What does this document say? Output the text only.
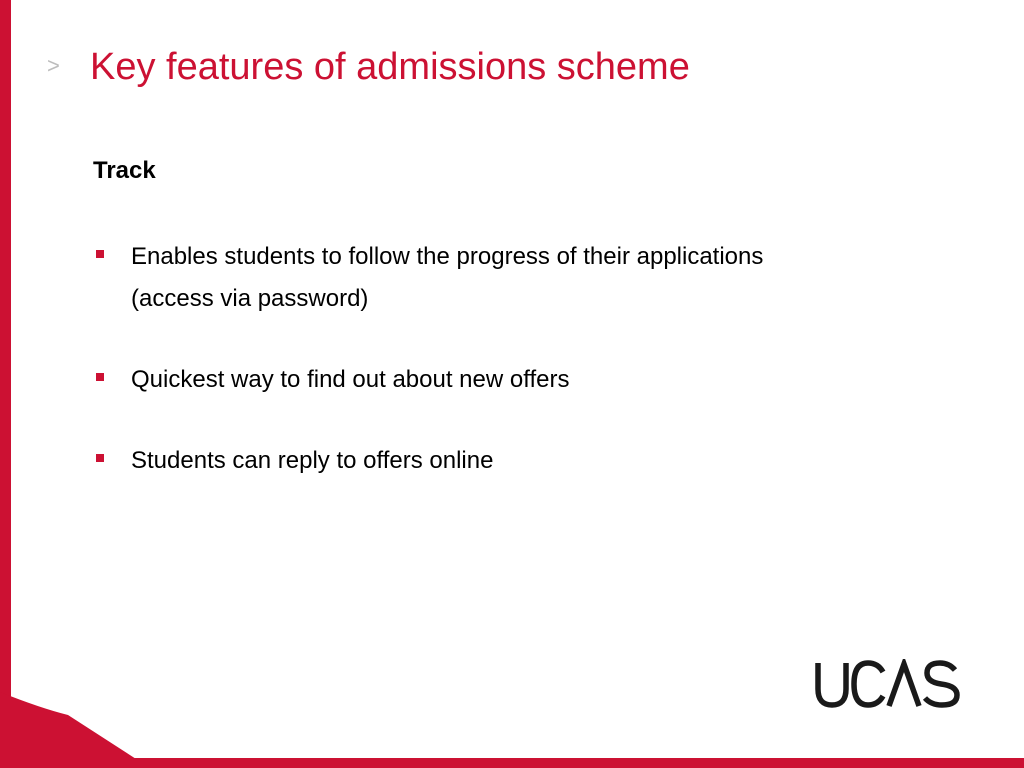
> Key features of admissions scheme
Track
Enables students to follow the progress of their applications (access via password)
Quickest way to find out about new offers
Students can reply to offers online
